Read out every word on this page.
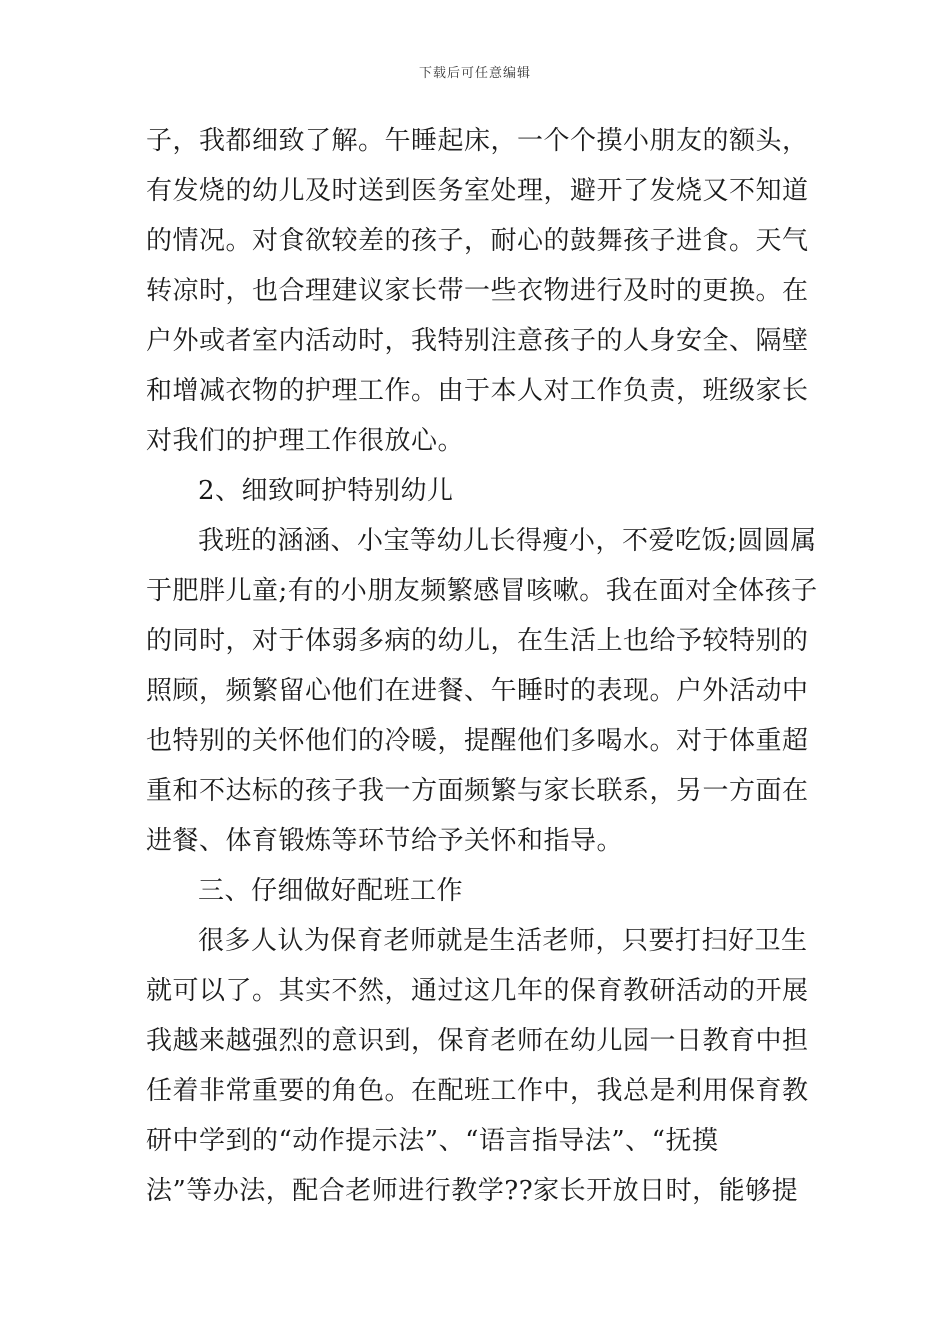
下载后可任意编辑
子，我都细致了解。午睡起床，一个个摸小朋友的额头，
有发烧的幼儿及时送到医务室处理，避开了发烧又不知道
的情况。对食欲较差的孩子，耐心的鼓舞孩子进食。天气
转凉时，也合理建议家长带一些衣物进行及时的更换。在
户外或者室内活动时，我特别注意孩子的人身安全、隔壁
和增减衣物的护理工作。由于本人对工作负责，班级家长
对我们的护理工作很放心。
2、细致呵护特别幼儿
我班的涵涵、小宝等幼儿长得瘦小，不爱吃饭;圆圆属
于肥胖儿童;有的小朋友频繁感冒咳嗽。我在面对全体孩子
的同时，对于体弱多病的幼儿，在生活上也给予较特别的
照顾，频繁留心他们在进餐、午睡时的表现。户外活动中
也特别的关怀他们的冷暖，提醒他们多喝水。对于体重超
重和不达标的孩子我一方面频繁与家长联系，另一方面在
进餐、体育锻炼等环节给予关怀和指导。
三、仔细做好配班工作
很多人认为保育老师就是生活老师，只要打扫好卫生
就可以了。其实不然，通过这几年的保育教研活动的开展
我越来越强烈的意识到，保育老师在幼儿园一日教育中担
任着非常重要的角色。在配班工作中，我总是利用保育教
研中学到的“动作提示法”、“语言指导法”、“抚摸
法”等办法，配合老师进行教学??家长开放日时，能够提
